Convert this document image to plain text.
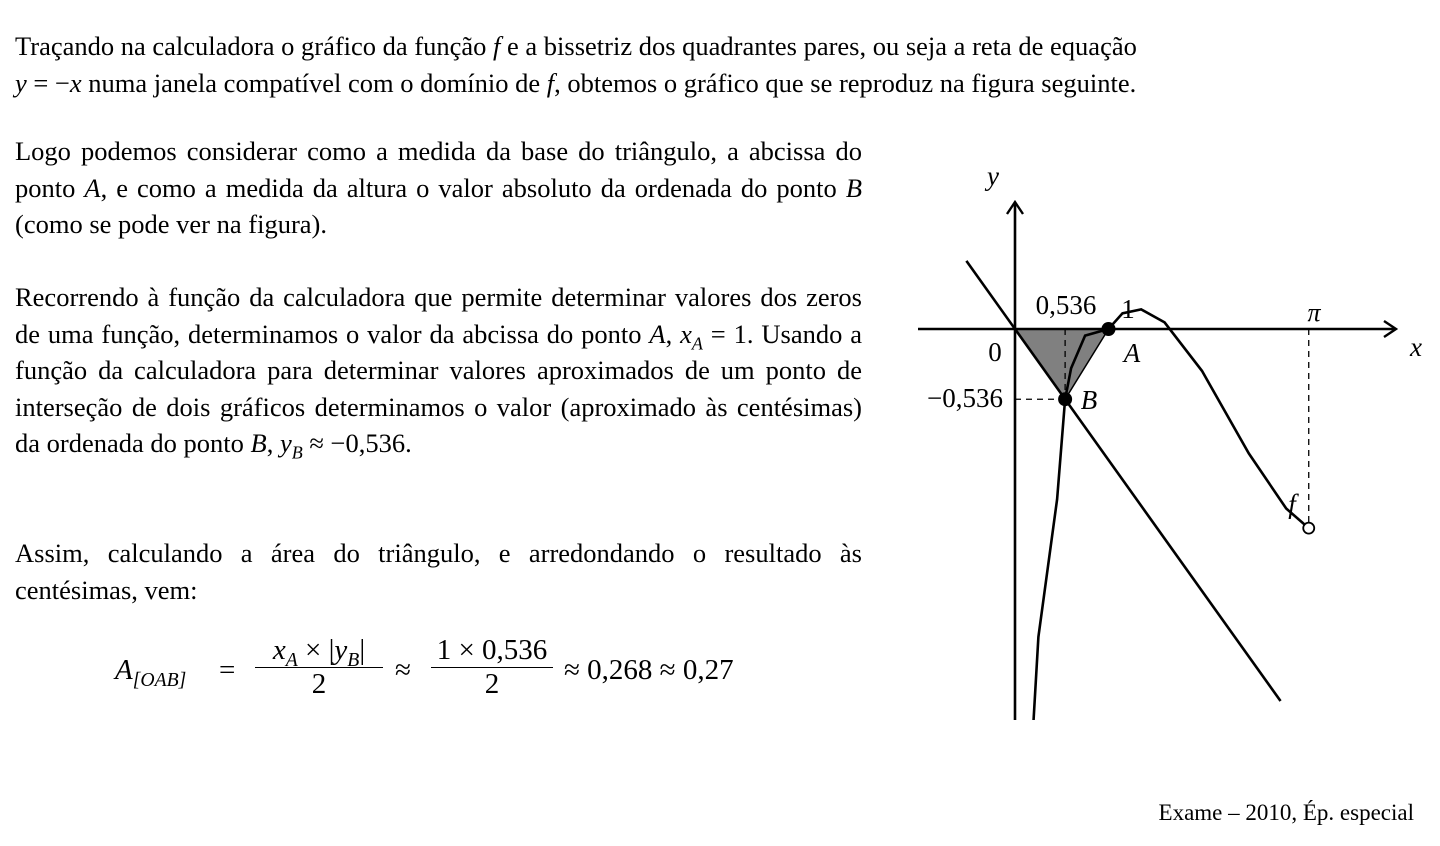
Traçando na calculadora o gráfico da função f e a bissetriz dos quadrantes pares, ou seja a reta de equação
y = −x numa janela compatível com o domínio de f, obtemos o gráfico que se reproduz na figura seguinte.
Logo podemos considerar como a medida da base do triângulo, a abcissa do ponto A, e como a medida da altura o valor absoluto da ordenada do ponto B (como se pode ver na figura).
Recorrendo à função da calculadora que permite determinar valores dos zeros de uma função, determinamos o valor da abcissa do ponto A, $x_A = 1$. Usando a função da calculadora para determinar valores aproximados de um ponto de interseção de dois gráficos determinamos o valor (aproximado às centésimas) da ordenada do ponto B, $y_B \approx -0,536$.
Assim, calculando a área do triângulo, e arredondando o resultado às centésimas, vem:
$A_{[OAB]}$ =
$x_A \times |y_B|$
2	≈
1 × 0,536
2	≈ 0,268 ≈ 0,27
y
x
0
0,536 1	π
−0,536
A
B
f
Exame – 2010, Ép. especial
